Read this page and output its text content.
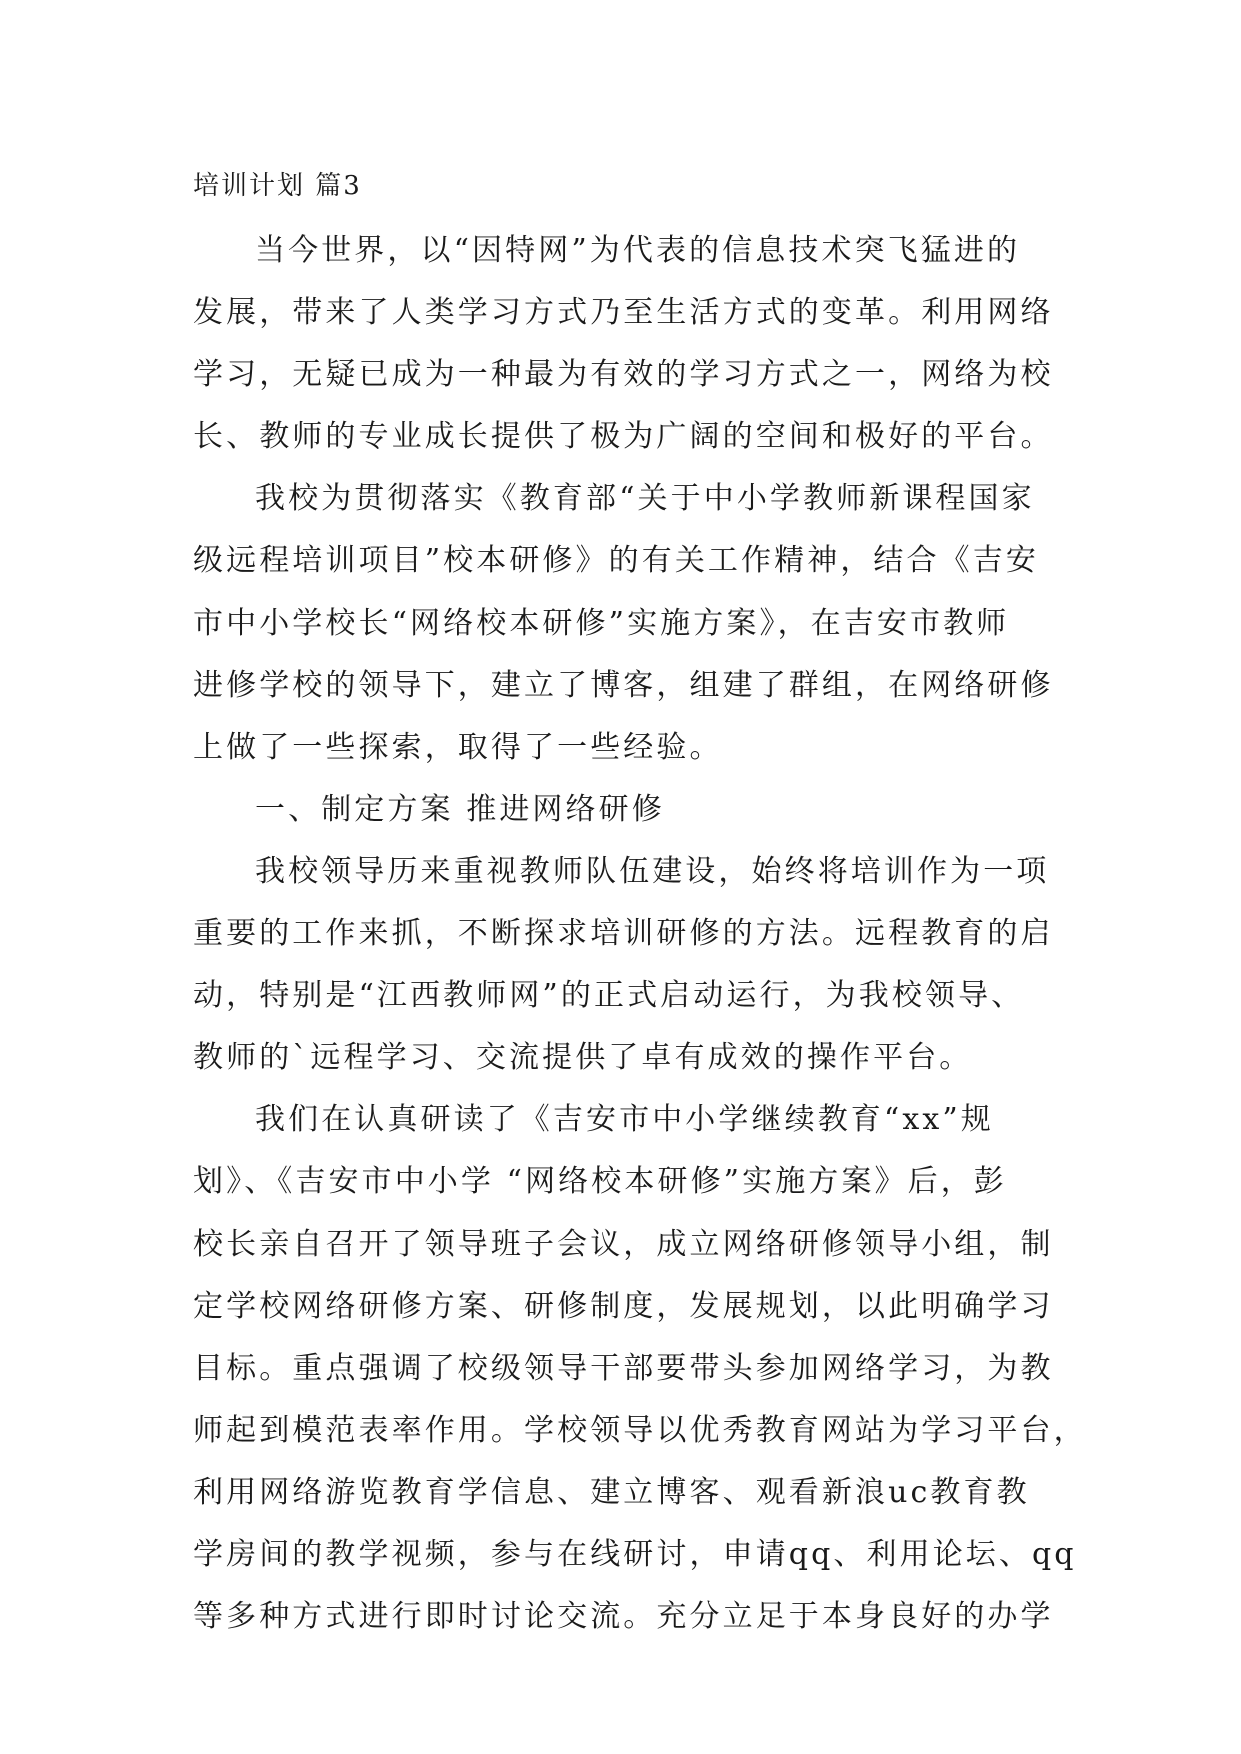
培训计划 篇3
当今世界，以“因特网”为代表的信息技术突飞猛进的
发展，带来了人类学习方式乃至生活方式的变革。利用网络
学习，无疑已成为一种最为有效的学习方式之一，网络为校
长、教师的专业成长提供了极为广阔的空间和极好的平台。
我校为贯彻落实《教育部“关于中小学教师新课程国家
级远程培训项目”校本研修》的有关工作精神，结合《吉安
市中小学校长“网络校本研修”实施方案》，在吉安市教师
进修学校的领导下，建立了博客，组建了群组，在网络研修
上做了一些探索，取得了一些经验。
一、制定方案 推进网络研修
我校领导历来重视教师队伍建设，始终将培训作为一项
重要的工作来抓，不断探求培训研修的方法。远程教育的启
动，特别是“江西教师网”的正式启动运行，为我校领导、
教师的`远程学习、交流提供了卓有成效的操作平台。
我们在认真研读了《吉安市中小学继续教育“xx”规
划》、《吉安市中小学 “网络校本研修”实施方案》后，彭
校长亲自召开了领导班子会议，成立网络研修领导小组，制
定学校网络研修方案、研修制度，发展规划，以此明确学习
目标。重点强调了校级领导干部要带头参加网络学习，为教
师起到模范表率作用。学校领导以优秀教育网站为学习平台，
利用网络游览教育学信息、建立博客、观看新浪uc教育教
学房间的教学视频，参与在线研讨，申请qq、利用论坛、qq
等多种方式进行即时讨论交流。充分立足于本身良好的办学
